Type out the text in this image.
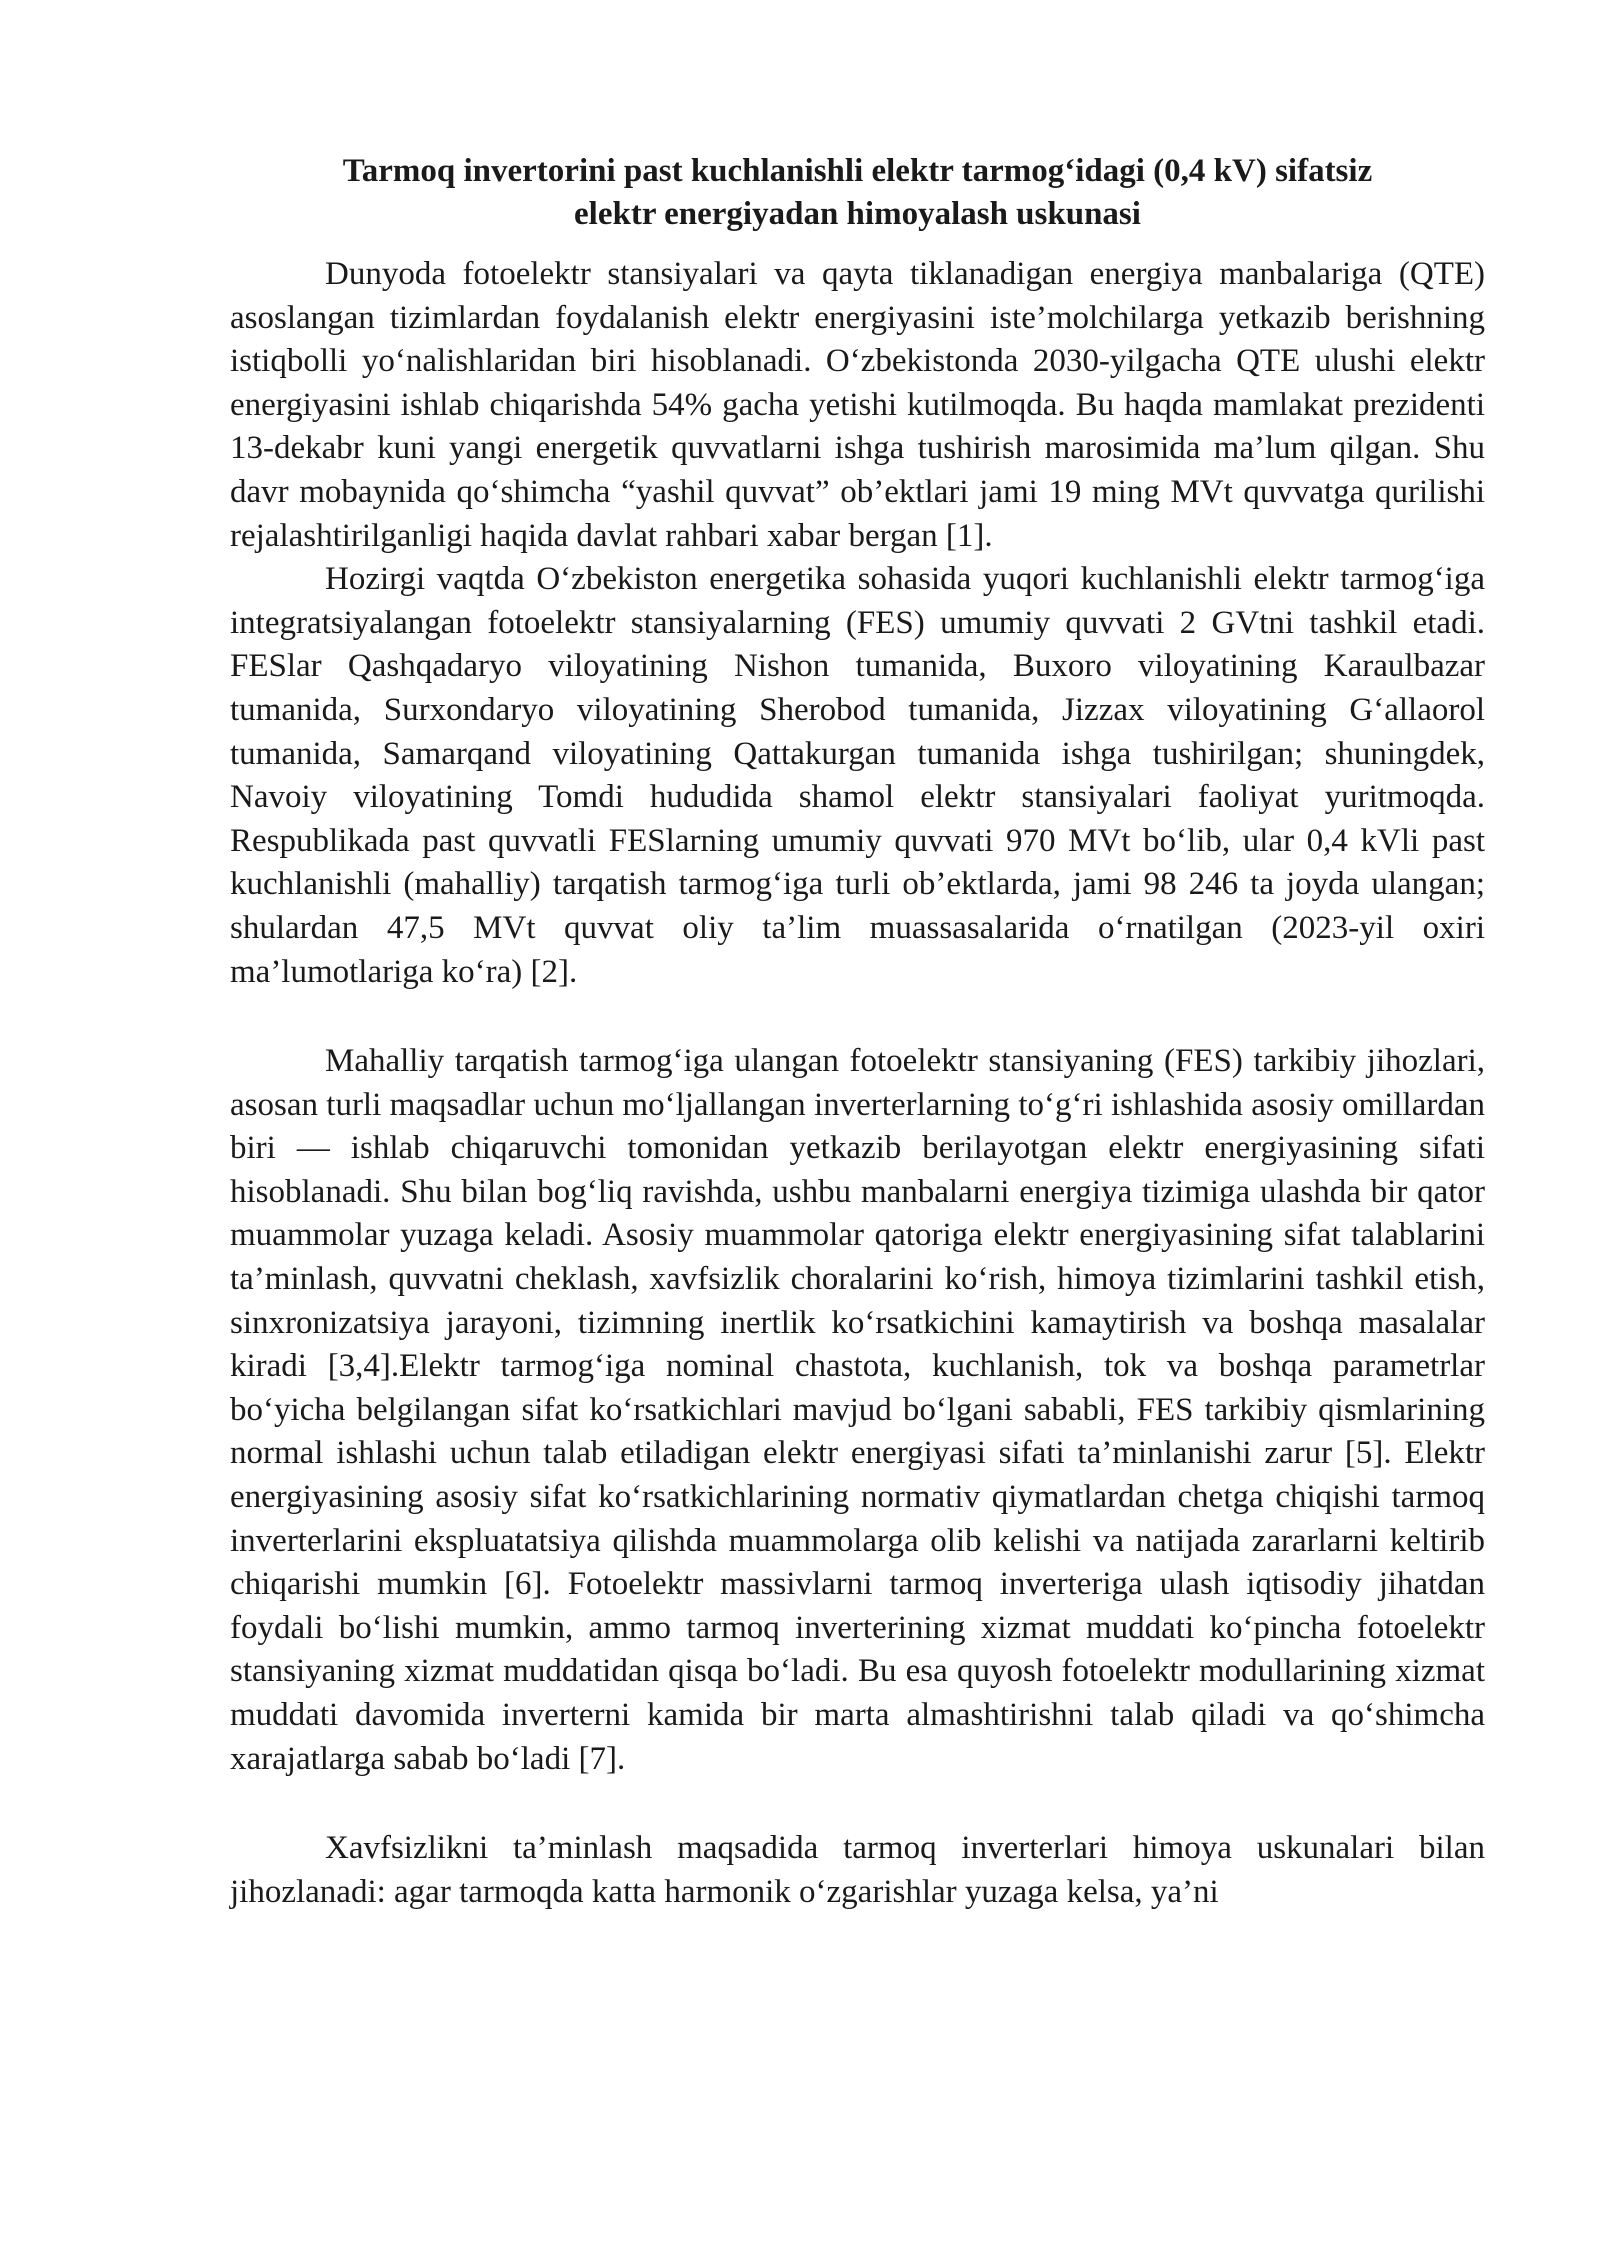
Tarmoq invertorini past kuchlanishli elektr tarmog‘idagi (0,4 kV) sifatsiz
elektr energiyadan himoyalash uskunasi

Dunyoda fotoelektr stansiyalari va qayta tiklanadigan energiya manbalariga (QTE) asoslangan tizimlardan foydalanish elektr energiyasini iste’molchilarga yetkazib berishning istiqbolli yo‘nalishlaridan biri hisoblanadi. O‘zbekistonda 2030-yilgacha QTE ulushi elektr energiyasini ishlab chiqarishda 54% gacha yetishi kutilmoqda. Bu haqda mamlakat prezidenti 13-dekabr kuni yangi energetik quvvatlarni ishga tushirish marosimida ma’lum qilgan. Shu davr mobaynida qo‘shimcha “yashil quvvat” ob’ektlari jami 19 ming MVt quvvatga qurilishi rejalashtirilganligi haqida davlat rahbari xabar bergan [1].

Hozirgi vaqtda O‘zbekiston energetika sohasida yuqori kuchlanishli elektr tarmog‘iga integratsiyalangan fotoelektr stansiyalarning (FES) umumiy quvvati 2 GVtni tashkil etadi. FESlar Qashqadaryo viloyatining Nishon tumanida, Buxoro viloyatining Karaulbazar tumanida, Surxondaryo viloyatining Sherobod tumanida, Jizzax viloyatining G‘allaorol tumanida, Samarqand viloyatining Qattakurgan tumanida ishga tushirilgan; shuningdek, Navoiy viloyatining Tomdi hududida shamol elektr stansiyalari faoliyat yuritmoqda. Respublikada past quvvatli FESlarning umumiy quvvati 970 MVt bo‘lib, ular 0,4 kVli past kuchlanishli (mahalliy) tarqatish tarmog‘iga turli ob’ektlarda, jami 98 246 ta joyda ulangan; shulardan 47,5 MVt quvvat oliy ta’lim muassasalarida o‘rnatilgan (2023-yil oxiri ma’lumotlariga ko‘ra) [2].

Mahalliy tarqatish tarmog‘iga ulangan fotoelektr stansiyaning (FES) tarkibiy jihozlari, asosan turli maqsadlar uchun mo‘ljallangan inverterlarning to‘g‘ri ishlashida asosiy omillardan biri — ishlab chiqaruvchi tomonidan yetkazib berilayotgan elektr energiyasining sifati hisoblanadi. Shu bilan bog‘liq ravishda, ushbu manbalarni energiya tizimiga ulashda bir qator muammolar yuzaga keladi. Asosiy muammolar qatoriga elektr energiyasining sifat talablarini ta’minlash, quvvatni cheklash, xavfsizlik choralarini ko‘rish, himoya tizimlarini tashkil etish, sinxronizatsiya jarayoni, tizimning inertlik ko‘rsatkichini kamaytirish va boshqa masalalar kiradi [3,4].Elektr tarmog‘iga nominal chastota, kuchlanish, tok va boshqa parametrlar bo‘yicha belgilangan sifat ko‘rsatkichlari mavjud bo‘lgani sababli, FES tarkibiy qismlarining normal ishlashi uchun talab etiladigan elektr energiyasi sifati ta’minlanishi zarur [5]. Elektr energiyasining asosiy sifat ko‘rsatkichlarining normativ qiymatlardan chetga chiqishi tarmoq inverterlarini ekspluatatsiya qilishda muammolarga olib kelishi va natijada zararlarni keltirib chiqarishi mumkin [6]. Fotoelektr massivlarni tarmoq inverteriga ulash iqtisodiy jihatdan foydali bo‘lishi mumkin, ammo tarmoq inverterining xizmat muddati ko‘pincha fotoelektr stansiyaning xizmat muddatidan qisqa bo‘ladi. Bu esa quyosh fotoelektr modullarining xizmat muddati davomida inverterni kamida bir marta almashtirishni talab qiladi va qo‘shimcha xarajatlarga sabab bo‘ladi [7].

Xavfsizlikni ta’minlash maqsadida tarmoq inverterlari himoya uskunalari bilan jihozlanadi: agar tarmoqda katta harmonik o‘zgarishlar yuzaga kelsa, ya’ni
